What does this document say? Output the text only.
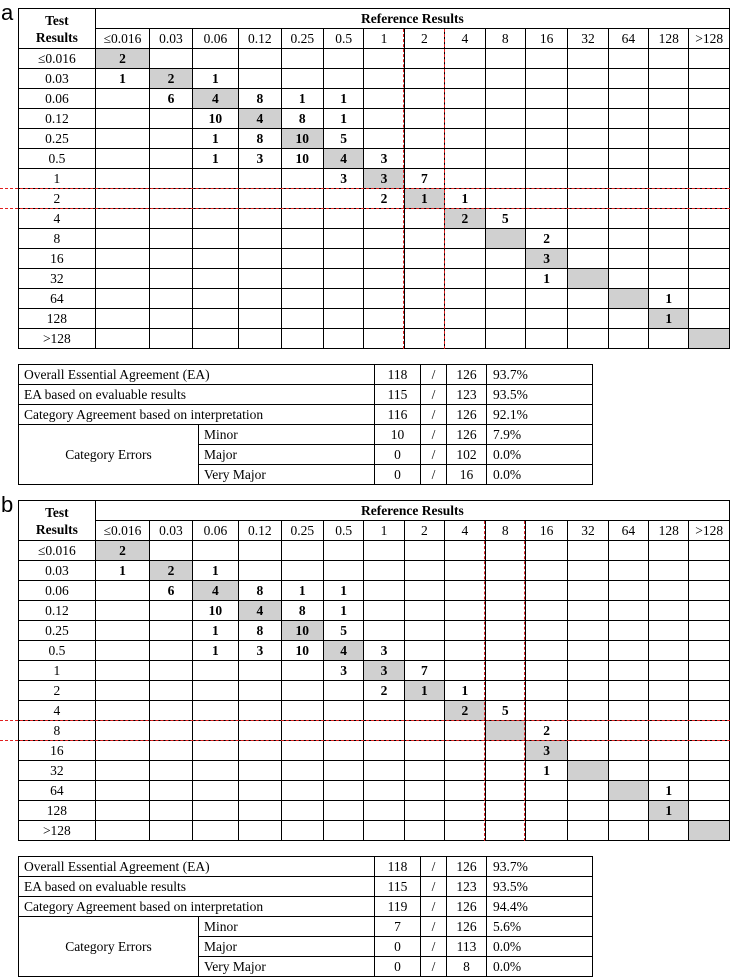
a	Test
Results	Reference Results														
	≤0.016	0.03	0.06	0.12	0.25	0.5	1	2	4	8	16	32	64	128	>128
≤0.016	2														
0.03	1	2	1												
0.06		6	4	8	1	1									
0.12			10	4	8	1									
0.25			1	8	10	5									
0.5			1	3	10	4	3								
1						3	3	7							
2							2	1	1						
4									2	5					
8											2				
16											3				
32											1				
64														1	
128														1	
>128															
Overall Essential Agreement (EA)		118	/	126	93.7%
EA based on evaluable results		115	/	123	93.5%
Category Agreement based on interpretation		116	/	126	92.1%
Category Errors	Minor	10	/	126	7.9%
	Major	0	/	102	0.0%
	Very Major	0	/	16	0.0%
b	Test
Results	Reference Results														
	≤0.016	0.03	0.06	0.12	0.25	0.5	1	2	4	8	16	32	64	128	>128
≤0.016	2														
0.03	1	2	1												
0.06		6	4	8	1	1									
0.12			10	4	8	1									
0.25			1	8	10	5									
0.5			1	3	10	4	3								
1						3	3	7							
2							2	1	1						
4									2	5					
8											2				
16											3				
32											1				
64														1	
128														1	
>128															
Overall Essential Agreement (EA)		118	/	126	93.7%
EA based on evaluable results		115	/	123	93.5%
Category Agreement based on interpretation		119	/	126	94.4%
Category Errors	Minor	7	/	126	5.6%
	Major	0	/	113	0.0%
	Very Major	0	/	8	0.0%
